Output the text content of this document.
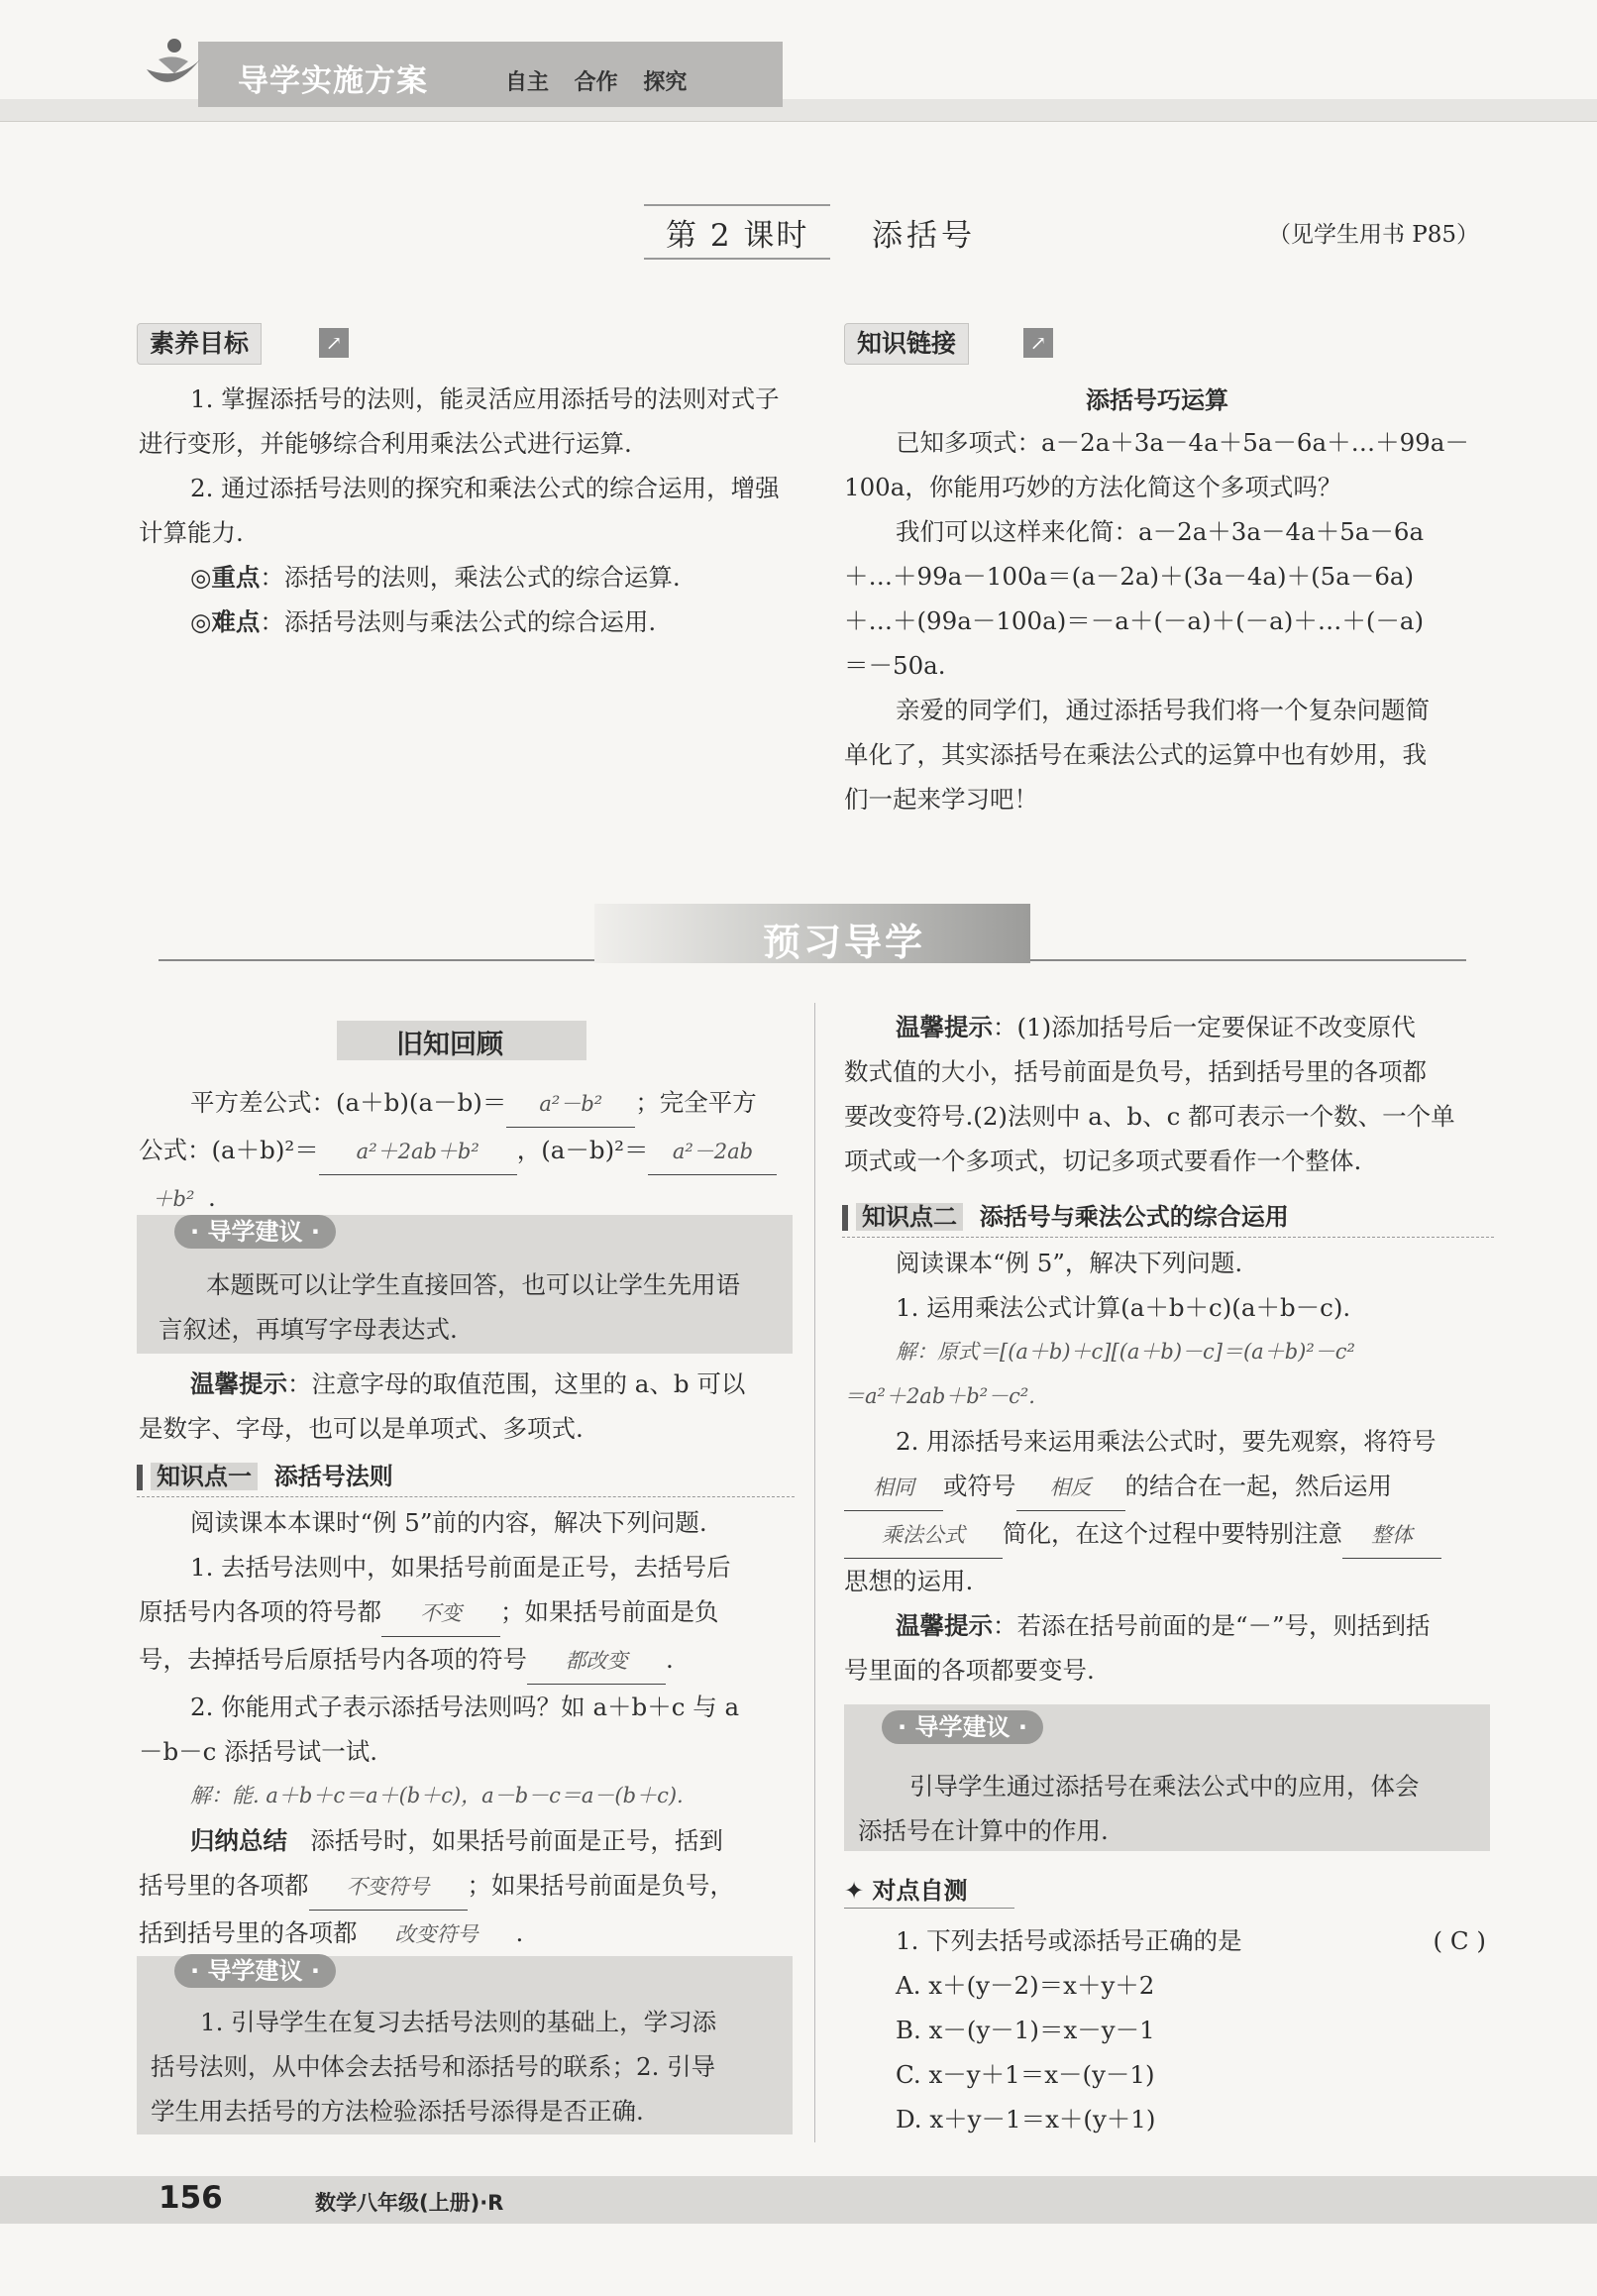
导学实施方案	自主 合作 探究
第 2 课时 添括号	（见学生用书 P85）
素养目标	↗
1. 掌握添括号的法则，能灵活应用添括号的法则对式子进行变形，并能够综合利用乘法公式进行运算.
2. 通过添括号法则的探究和乘法公式的综合运用，增强计算能力.
◎重点：添括号的法则，乘法公式的综合运算.
◎难点：添括号法则与乘法公式的综合运用.
知识链接	↗
添括号巧运算
已知多项式：a－2a＋3a－4a＋5a－6a＋…＋99a－
100a，你能用巧妙的方法化简这个多项式吗？
我们可以这样来化简：a－2a＋3a－4a＋5a－6a
＋…＋99a－100a＝(a－2a)＋(3a－4a)＋(5a－6a)
＋…＋(99a－100a)＝－a＋(－a)＋(－a)＋…＋(－a)
＝－50a.
亲爱的同学们，通过添括号我们将一个复杂问题简
单化了，其实添括号在乘法公式的运算中也有妙用，我
们一起来学习吧！
预习导学
旧知回顾
平方差公式：(a＋b)(a－b)＝ a²－b² ；完全平方
公式：(a＋b)²＝ a²＋2ab＋b² ，(a－b)²＝ a²－2ab
＋b² .
· 导学建议 ·
本题既可以让学生直接回答，也可以让学生先用语
言叙述，再填写字母表达式.
温馨提示：注意字母的取值范围，这里的 a、b 可以
是数字、字母，也可以是单项式、多项式.
知识点一 添括号法则
阅读课本本课时“例 5”前的内容，解决下列问题.
1. 去括号法则中，如果括号前面是正号，去括号后
原括号内各项的符号都 不变 ；如果括号前面是负
号，去掉括号后原括号内各项的符号 都改变 .
2. 你能用式子表示添括号法则吗？如 a＋b＋c 与 a
－b－c 添括号试一试.
解：能. a＋b＋c＝a＋(b＋c)，a－b－c＝a－(b＋c).
归纳总结 添括号时，如果括号前面是正号，括到
括号里的各项都 不变符号 ；如果括号前面是负号，
括到括号里的各项都 改变符号 .
· 导学建议 ·
1. 引导学生在复习去括号法则的基础上，学习添
括号法则，从中体会去括号和添括号的联系；2. 引导
学生用去括号的方法检验添括号添得是否正确.
温馨提示：(1)添加括号后一定要保证不改变原代
数式值的大小，括号前面是负号，括到括号里的各项都
要改变符号.(2)法则中 a、b、c 都可表示一个数、一个单
项式或一个多项式，切记多项式要看作一个整体.
知识点二 添括号与乘法公式的综合运用
阅读课本“例 5”，解决下列问题.
1. 运用乘法公式计算(a＋b＋c)(a＋b－c).
解：原式＝[(a＋b)＋c][(a＋b)－c]＝(a＋b)²－c²
＝a²＋2ab＋b²－c².
2. 用添括号来运用乘法公式时，要先观察，将符号
相同 或符号 相反 的结合在一起，然后运用
乘法公式 简化，在这个过程中要特别注意 整体
思想的运用.
温馨提示：若添在括号前面的是“－”号，则括到括
号里面的各项都要变号.
· 导学建议 ·
引导学生通过添括号在乘法公式中的应用，体会
添括号在计算中的作用.
✦ 对点自测
1. 下列去括号或添括号正确的是	( C )
A. x＋(y－2)＝x＋y＋2
B. x－(y－1)＝x－y－1
C. x－y＋1＝x－(y－1)
D. x＋y－1＝x＋(y＋1)
156	数学八年级(上册)·R
